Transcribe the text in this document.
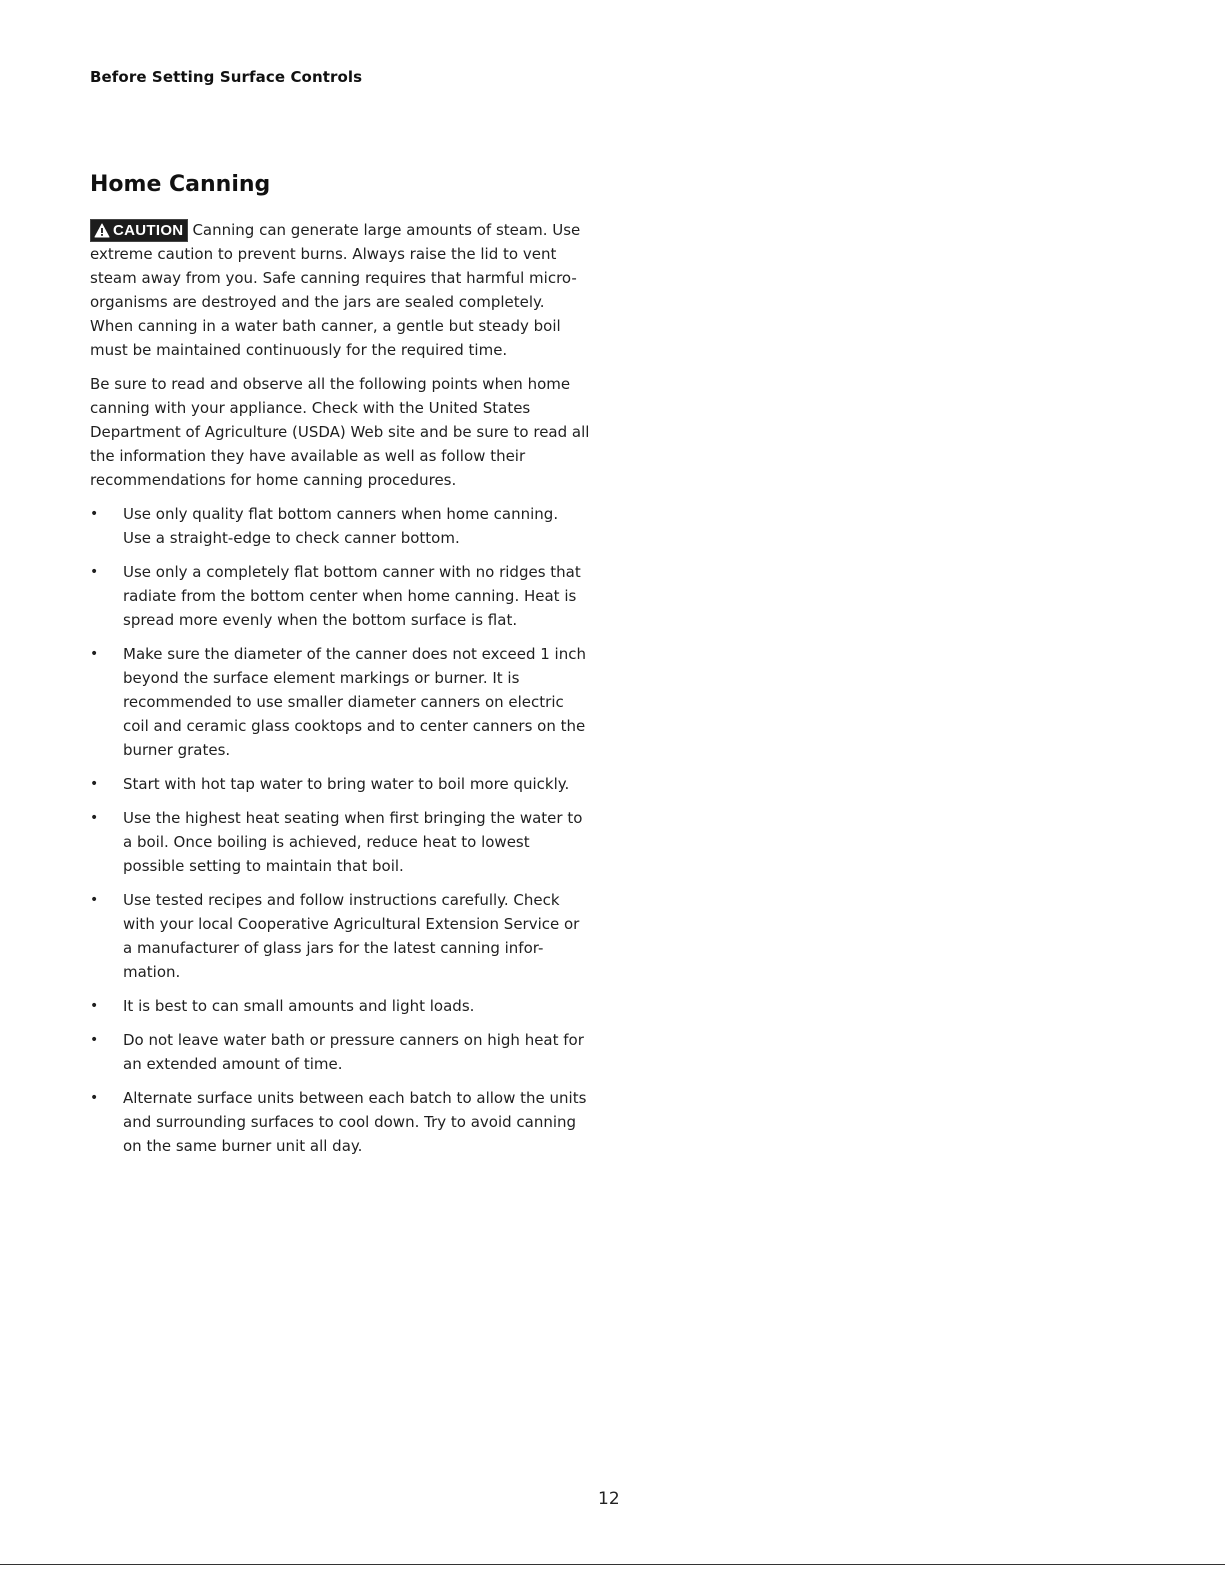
Before Setting Surface Controls
Home Canning

CAUTION Canning can generate large amounts of steam. Use extreme caution to prevent burns. Always raise the lid to vent steam away from you. Safe canning requires that harmful micro-organisms are destroyed and the jars are sealed completely. When canning in a water bath canner, a gentle but steady boil must be maintained continuously for the required time.

Be sure to read and observe all the following points when home canning with your appliance. Check with the United States Department of Agriculture (USDA) Web site and be sure to read all the information they have available as well as follow their recommendations for home canning procedures.

• Use only quality flat bottom canners when home canning. Use a straight-edge to check canner bottom.
• Use only a completely flat bottom canner with no ridges that radiate from the bottom center when home canning. Heat is spread more evenly when the bottom surface is flat.
• Make sure the diameter of the canner does not exceed 1 inch beyond the surface element markings or burner. It is recommended to use smaller diameter canners on electric coil and ceramic glass cooktops and to center canners on the burner grates.
• Start with hot tap water to bring water to boil more quickly.
• Use the highest heat seating when first bringing the water to a boil. Once boiling is achieved, reduce heat to lowest possible setting to maintain that boil.
• Use tested recipes and follow instructions carefully. Check with your local Cooperative Agricultural Extension Service or a manufacturer of glass jars for the latest canning infor-mation.
• It is best to can small amounts and light loads.
• Do not leave water bath or pressure canners on high heat for an extended amount of time.
• Alternate surface units between each batch to allow the units and surrounding surfaces to cool down. Try to avoid canning on the same burner unit all day.
12
